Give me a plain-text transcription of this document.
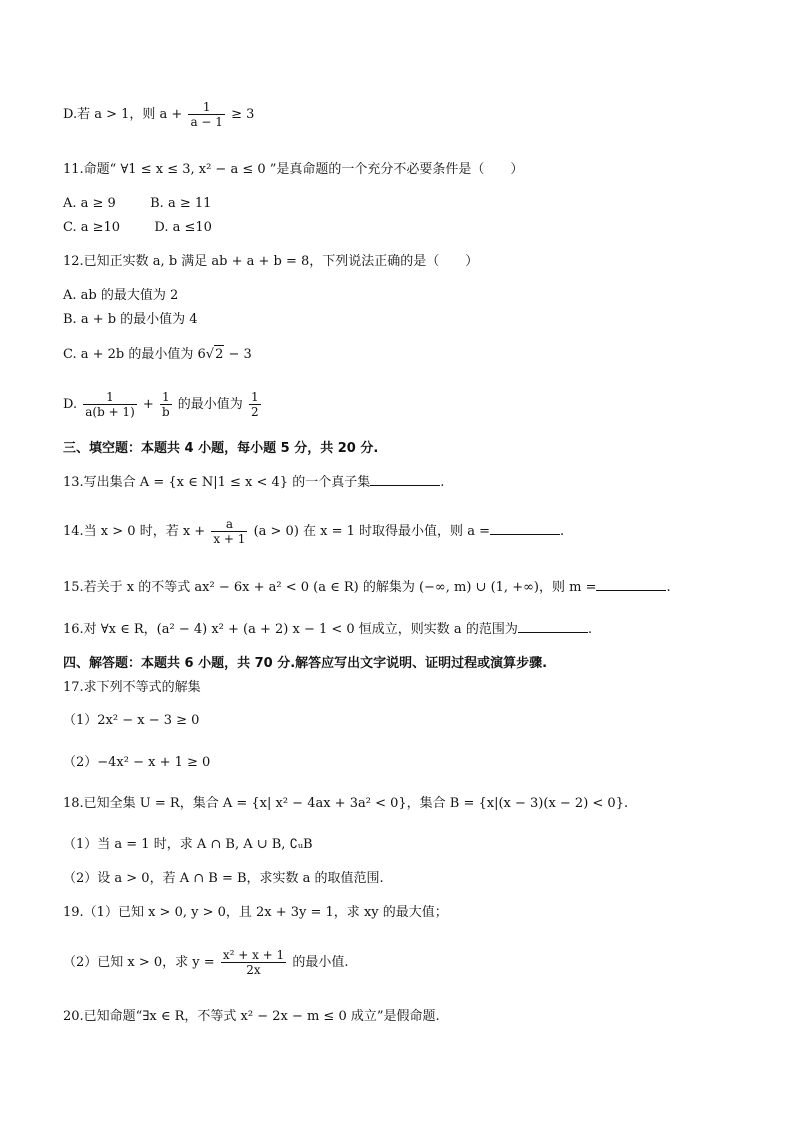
D.若 a > 1，则 $a + \frac{1}{a - 1} \ge 3$
11.命题“ ∀1 ≤ x ≤ 3, x² − a ≤ 0 ”是真命题的一个充分不必要条件是（　　）
A. a ≥ 9	B. a ≥ 11
C. a ≥10	D. a ≤10
12.已知正实数 a, b 满足 ab + a + b = 8，下列说法正确的是（　　）
A. ab 的最大值为 2
B. a + b 的最小值为 4
C. a + 2b 的最小值为 6√2 − 3
D. $\frac{1}{a(b + 1)} + \frac{1}{b}$ 的最小值为 $\frac{1}{2}$
三、填空题：本题共 4 小题，每小题 5 分，共 20 分.
13.写出集合 A = {x ∈ N|1 ≤ x < 4} 的一个真子集	.
14.当 x > 0 时，若 $x + \frac{a}{x + 1} (a > 0)$ 在 x = 1 时取得最小值，则 a =	.
15.若关于 x 的不等式 ax² − 6x + a² < 0 (a ∈ R) 的解集为 (−∞, m) ∪ (1, +∞)，则 m =	.
16.对 ∀x ∈ R，(a² − 4) x² + (a + 2) x − 1 < 0 恒成立，则实数 a 的范围为	.
四、解答题：本题共 6 小题，共 70 分.解答应写出文字说明、证明过程或演算步骤.
17.求下列不等式的解集
（1）2x² − x − 3 ≥ 0
（2）−4x² − x + 1 ≥ 0
18.已知全集 U = R，集合 A = {x| x² − 4ax + 3a² < 0}，集合 B = {x|(x − 3)(x − 2) < 0}.
（1）当 a = 1 时，求 A ∩ B, A ∪ B, ∁ᵤB
（2）设 a > 0，若 A ∩ B = B，求实数 a 的取值范围.
19.（1）已知 x > 0, y > 0，且 2x + 3y = 1，求 xy 的最大值；
（2）已知 x > 0，求 $y = \frac{\text{x² + x + 1}}{2x}$ 的最小值.
20.已知命题“∃x ∈ R，不等式 x² − 2x − m ≤ 0 成立”是假命题.
